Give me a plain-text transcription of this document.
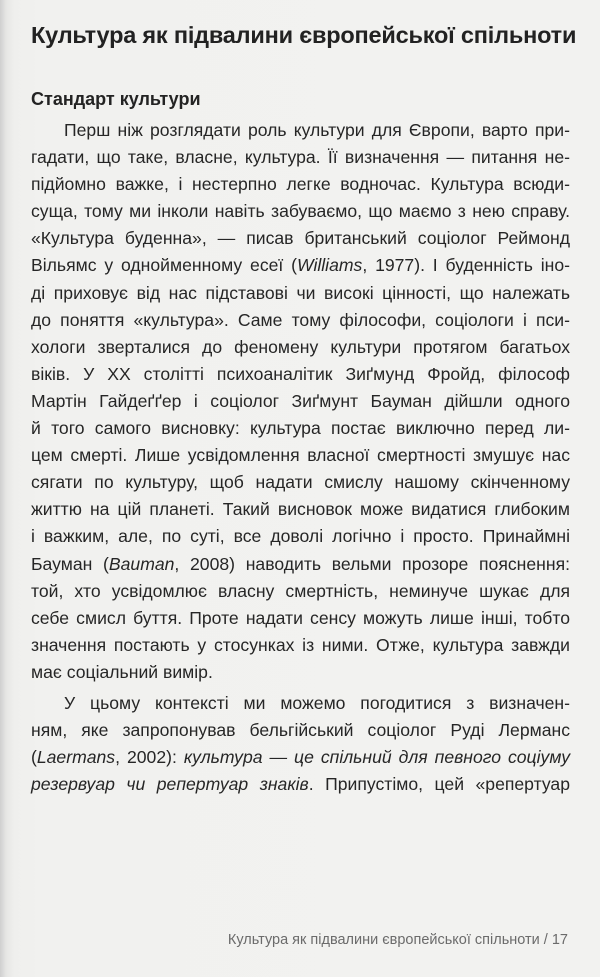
Культура як підвалини європейської спільноти
Стандарт культури
Перш ніж розглядати роль культури для Європи, варто при-
гадати, що таке, власне, культура. Її визначення — питання не-
підйомно важке, і нестерпно легке водночас. Культура всюди-
суща, тому ми інколи навіть забуваємо, що маємо з нею справу.
«Культура буденна», — писав британський соціолог Реймонд
Вільямс у однойменному есеї (Williams, 1977). І буденність іно-
ді приховує від нас підставові чи високі цінності, що належать
до поняття «культура». Саме тому філософи, соціологи і пси-
хологи зверталися до феномену культури протягом багатьох
віків. У XX столітті психоаналітик Зиґмунд Фройд, філософ
Мартін Гайдеґґер і соціолог Зиґмунт Бауман дійшли одного
й того самого висновку: культура постає виключно перед ли-
цем смерті. Лише усвідомлення власної смертності змушує нас
сягати по культуру, щоб надати смислу нашому скінченному
життю на цій планеті. Такий висновок може видатися глибоким
і важким, але, по суті, все доволі логічно і просто. Принаймні
Бауман (Bauman, 2008) наводить вельми прозоре пояснення:
той, хто усвідомлює власну смертність, неминуче шукає для
себе смисл буття. Проте надати сенсу можуть лише інші, тобто
значення постають у стосунках із ними. Отже, культура завжди
має соціальний вимір.
У цьому контексті ми можемо погодитися з визначен-
ням, яке запропонував бельгійський соціолог Руді Лерманс
(Laermans, 2002): культура — це спільний для певного соціуму
резервуар чи репертуар знаків. Припустімо, цей «репертуар
Культура як підвалини європейської спільноти / 17
